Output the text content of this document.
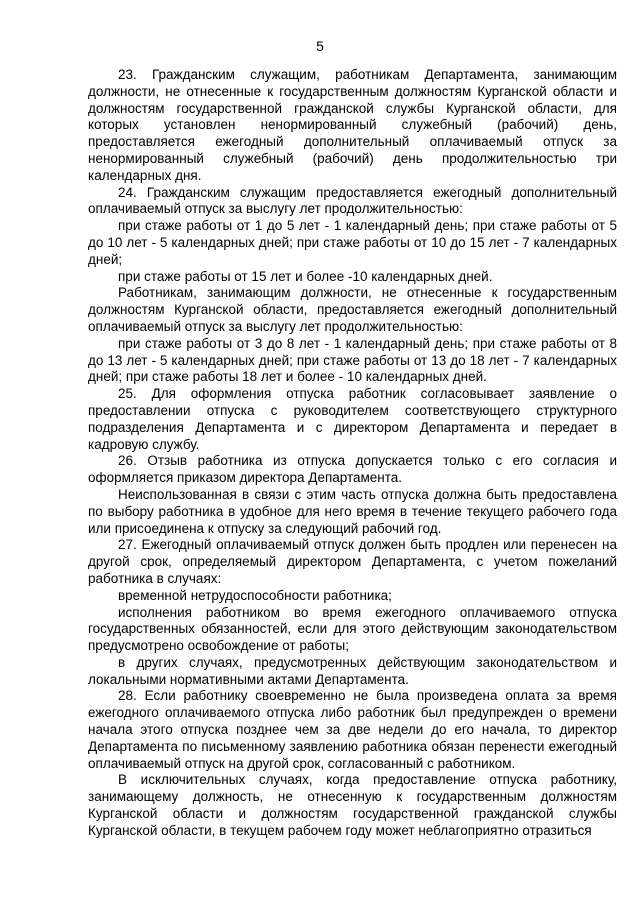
5

23. Гражданским служащим, работникам Департамента, занимающим должности, не отнесенные к государственным должностям Курганской области и должностям государственной гражданской службы Курганской области, для которых установлен ненормированный служебный (рабочий) день, предоставляется ежегодный дополнительный оплачиваемый отпуск за ненормированный служебный (рабочий) день продолжительностью три календарных дня.

24. Гражданским служащим предоставляется ежегодный дополнительный оплачиваемый отпуск за выслугу лет продолжительностью:

при стаже работы от 1 до 5 лет - 1 календарный день; при стаже работы от 5 до 10 лет - 5 календарных дней; при стаже работы от 10 до 15 лет - 7 календарных дней;

при стаже работы от 15 лет и более -10 календарных дней.

Работникам, занимающим должности, не отнесенные к государственным должностям Курганской области, предоставляется ежегодный дополнительный оплачиваемый отпуск за выслугу лет продолжительностью:

при стаже работы от 3 до 8 лет - 1 календарный день; при стаже работы от 8 до 13 лет - 5 календарных дней; при стаже работы от 13 до 18 лет - 7 календарных дней; при стаже работы 18 лет и более - 10 календарных дней.

25. Для оформления отпуска работник согласовывает заявление о предоставлении отпуска с руководителем соответствующего структурного подразделения Департамента и с директором Департамента и передает в кадровую службу.

26. Отзыв работника из отпуска допускается только с его согласия и оформляется приказом директора Департамента.

Неиспользованная в связи с этим часть отпуска должна быть предоставлена по выбору работника в удобное для него время в течение текущего рабочего года или присоединена к отпуску за следующий рабочий год.

27. Ежегодный оплачиваемый отпуск должен быть продлен или перенесен на другой срок, определяемый директором Департамента, с учетом пожеланий работника в случаях:

временной нетрудоспособности работника;

исполнения работником во время ежегодного оплачиваемого отпуска государственных обязанностей, если для этого действующим законодательством предусмотрено освобождение от работы;

в других случаях, предусмотренных действующим законодательством и локальными нормативными актами Департамента.

28. Если работнику своевременно не была произведена оплата за время ежегодного оплачиваемого отпуска либо работник был предупрежден о времени начала этого отпуска позднее чем за две недели до его начала, то директор Департамента по письменному заявлению работника обязан перенести ежегодный оплачиваемый отпуск на другой срок, согласованный с работником.

В исключительных случаях, когда предоставление отпуска работнику, занимающему должность, не отнесенную к государственным должностям Курганской области и должностям государственной гражданской службы Курганской области, в текущем рабочем году может неблагоприятно отразиться
